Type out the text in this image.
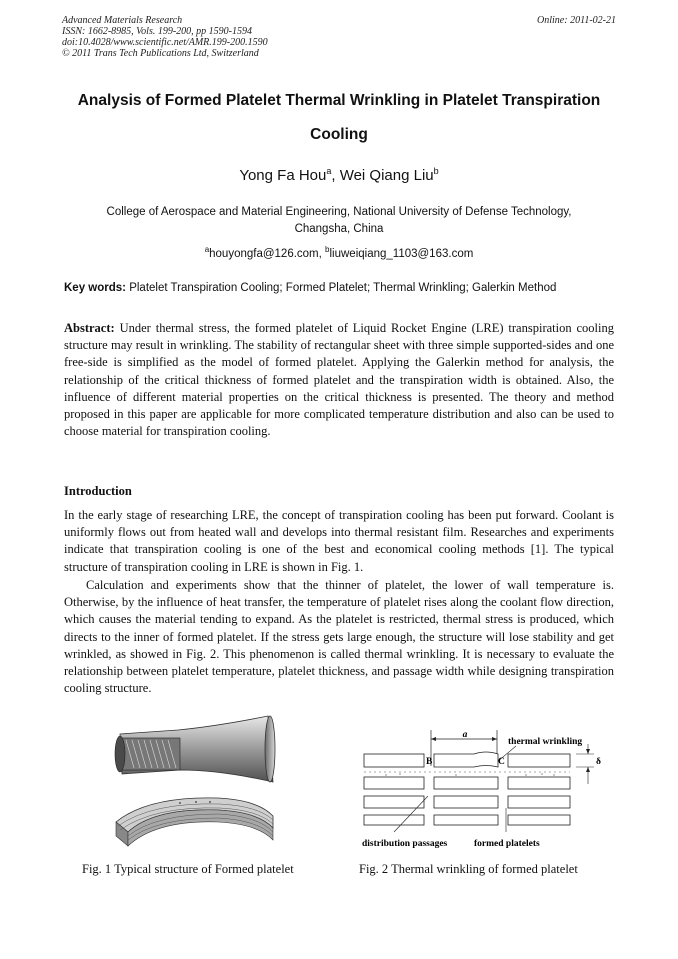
Advanced Materials Research
ISSN: 1662-8985, Vols. 199-200, pp 1590-1594
doi:10.4028/www.scientific.net/AMR.199-200.1590
© 2011 Trans Tech Publications Ltd, Switzerland
Online: 2011-02-21
Analysis of Formed Platelet Thermal Wrinkling in Platelet Transpiration
Cooling
Yong Fa Hou$^a$, Wei Qiang Liu$^b$
College of Aerospace and Material Engineering, National University of Defense Technology,
Changsha, China
$^a$houyongfa@126.com, $^b$liuweiqiang_1103@163.com
Key words: Platelet Transpiration Cooling; Formed Platelet; Thermal Wrinkling; Galerkin Method
Abstract: Under thermal stress, the formed platelet of Liquid Rocket Engine (LRE) transpiration cooling structure may result in wrinkling. The stability of rectangular sheet with three simple supported-sides and one free-side is simplified as the model of formed platelet. Applying the Galerkin method for analysis, the relationship of the critical thickness of formed platelet and the transpiration width is obtained. Also, the influence of different material properties on the critical thickness is presented. The theory and method proposed in this paper are applicable for more complicated temperature distribution and also can be used to choose material for transpiration cooling.
Introduction
In the early stage of researching LRE, the concept of transpiration cooling has been put forward. Coolant is uniformly flows out from heated wall and develops into thermal resistant film. Researches and experiments indicate that transpiration cooling is one of the best and economical cooling methods [1]. The typical structure of transpiration cooling in LRE is shown in Fig. 1.
Calculation and experiments show that the thinner of platelet, the lower of wall temperature is. Otherwise, by the influence of heat transfer, the temperature of platelet rises along the coolant flow direction, which causes the material tending to expand. As the platelet is restricted, thermal stress is produced, which directs to the inner of formed platelet. If the stress gets large enough, the structure will lose stability and get wrinkled, as showed in Fig. 2. This phenomenon is called thermal wrinkling. It is necessary to evaluate the relationship between platelet temperature, platelet thickness, and passage width while designing transpiration cooling structure.
a
thermal wrinkling
B	C	δ
distribution passages	formed platelets
Fig. 1 Typical structure of Formed platelet	Fig. 2 Thermal wrinkling of formed platelet
